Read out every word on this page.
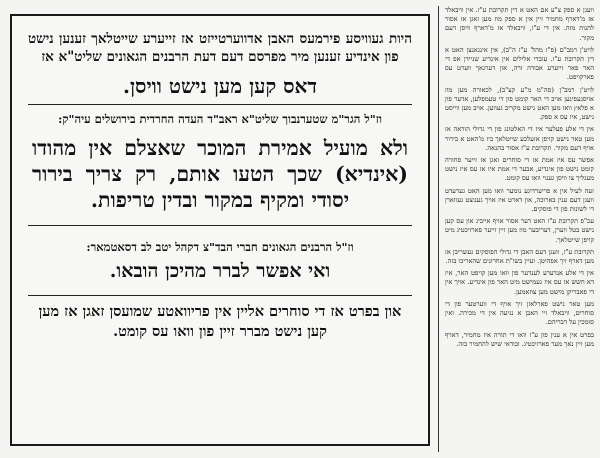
היות געוויסע פירמעס האבן אדווערטייזט אז זייערע שייטלאך זענען נישט פון אינדיע זענען מיר מפרסם דעם דעת הרבנים הגאונים שליט"א אז

דאס קען מען נישט וויסן.
וז"ל הגר"מ שטערנבוך שליט"א ראב"ד העדה החרדית בירושלים עיה"ק:

ולא מועיל אמירת המוכר שאצלם אין מהודו (אינדיא) שכך הטעו אותם, רק צריך בירור יסודי ומקיף במקור ובדין טריפות.

וז"ל הרבנים הגאונים חברי הבד"צ דקהל יטב לב דסאטמאר:
ואי אפשר לברר מהיכן הובאו.

און בפרט אז די סוחרים אליין אין פריוואטע שמועסן זאגן אז מען קען נישט מברר זיין פון וואו עס קומט.

וועגן א ספק צ"ע אם האט א דין תקרובת ע"ז. אין וויבאלד אז מ'דארף מחמיר זיין אין א ספק מוז מען זאגן אז אסור להנות מזה. אין די ע"ז, וויבאלד אז מ'דארף וויסן דעם מקור.

לויט'ן רמב"ם (פ"ז מהל' ע"ז ה"ב), אין אינגאנצן האט א דין תקרובת ע"ז. עובדי אלילים אין אינדיע שניידן אפ די האר פאר זייערע אבודה זרה, און דערנאך ווערט עס פארקויפט.

לויט'ן רמב"ן (סה"מ מ"ע קצ"ב), לכאורה מען מוז אויסגעפינען אויב די האר קומט פון די טעמפלען, אדער פון א פלאץ וואו מען האט נישט מקריב געווען. אויב מען ווייסט נישט, איז עס א ספק.

אין די אלע פעלער איז די האלטונג פון די גדולי הוראה אז מען טאר נישט קויפן אזעלכע שייטלאך ביז מ'האט א בירור אויף דעם מקור. תקרובת ע"ז אסור בהנאה.

אפשר עס איז אמת אז די סוחרים זאגן אז זייער סחורה קומט נישט פון אינדיע, אבער די אמת איז אז עס איז נישט מעגליך צו וויסן גענוי וואו עס קומט.

זעה לעיל אין א פריערדיגע נומער וואו מען האט גערעדט וועגן דעם ענין בארוכה, און דארט איז אויך גענוצט געווארן די לשונות פון די פוסקים.

עכ"פ תקרובת ע"ז האט דער אסור אויף אייביג און עס קען נישט בטל ווערן, דעריבער מוז מען זיין זייער פארזיכטיג מיט קויפן שייטלאך.

תקרובת ע"ז, וועגן דעם האבן די גדולי הפוסקים געשריבן אז מען דארף זיך אפהיטן. ועיין בשו"ת אחרונים שהאריכו בזה.

אין די אלע אנדערע לענדער פון וואו מען קויפט האר, איז דא חשש אז עס איז געמישט מיט האר פון אינדיע. אויך אין די פאבריקן מישט מען צוזאמען.

מען טאר נישט פארלאזן זיך אויף די ווערטער פון די סוחרים, וויבאלד זיי האבן א נגיעה אין די מכירה. ואין סומכין על דבריהם.

בפרט אין א ענין פון ע"ז וואו די תורה איז מחמיר, דארף מען זיין נאך מער פארזיכטיג. ובודאי שיש להחמיר בזה.
